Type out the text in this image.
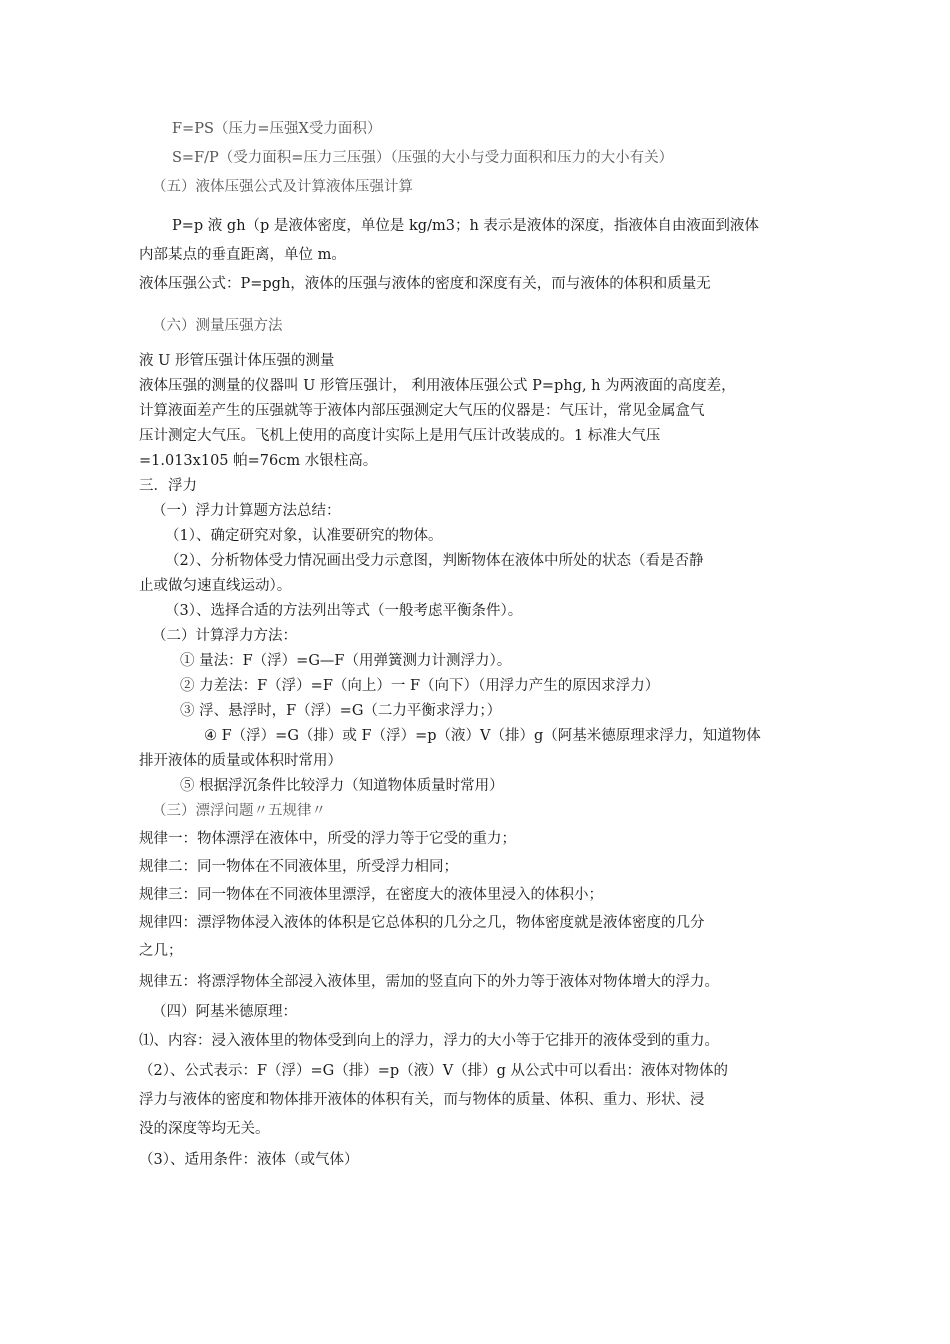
F=PS（压力=压强Ⅹ受力面积）

S=F/P（受力面积=压力三压强）（压强的大小与受力面积和压力的大小有关）

（五）液体压强公式及计算液体压强计算

P=p 液 gh（p 是液体密度，单位是 kg/m3；h 表示是液体的深度，指液体自由液面到液体

内部某点的垂直距离，单位 m。

液体压强公式：P=pgh，液体的压强与液体的密度和深度有关，而与液体的体积和质量无

（六）测量压强方法

液 U 形管压强计体压强的测量

液体压强的测量的仪器叫 U 形管压强计， 利用液体压强公式 P=phg, h 为两液面的高度差，

计算液面差产生的压强就等于液体内部压强测定大气压的仪器是：气压计，常见金属盒气

压计测定大气压。飞机上使用的高度计实际上是用气压计改装成的。1 标准大气压

=1.013x105 帕=76cm 水银柱高。

三．浮力

（一）浮力计算题方法总结：

（1）、确定研究对象，认准要研究的物体。

（2）、分析物体受力情况画出受力示意图，判断物体在液体中所处的状态（看是否静

止或做匀速直线运动）。

（3）、选择合适的方法列出等式（一般考虑平衡条件）。

（二）计算浮力方法：

① 量法：F（浮）=G—F（用弹簧测力计测浮力）。

② 力差法：F（浮）=F（向上）一 F（向下）（用浮力产生的原因求浮力）

③ 浮、悬浮时，F（浮）=G（二力平衡求浮力；）

④ F（浮）=G（排）或 F（浮）=p（液）V（排）g（阿基米德原理求浮力，知道物体

排开液体的质量或体积时常用）

⑤ 根据浮沉条件比较浮力（知道物体质量时常用）

（三）漂浮问题〃五规律〃

规律一：物体漂浮在液体中，所受的浮力等于它受的重力；

规律二：同一物体在不同液体里，所受浮力相同；

规律三：同一物体在不同液体里漂浮，在密度大的液体里浸入的体积小；

规律四：漂浮物体浸入液体的体积是它总体积的几分之几，物体密度就是液体密度的几分

之几；

规律五：将漂浮物体全部浸入液体里，需加的竖直向下的外力等于液体对物体增大的浮力。

（四）阿基米德原理：

⑴、内容：浸入液体里的物体受到向上的浮力，浮力的大小等于它排开的液体受到的重力。

（2）、公式表示：F（浮）=G（排）=p（液）V（排）g 从公式中可以看出：液体对物体的

浮力与液体的密度和物体排开液体的体积有关，而与物体的质量、体积、重力、形状、浸

没的深度等均无关。

（3）、适用条件：液体（或气体）
